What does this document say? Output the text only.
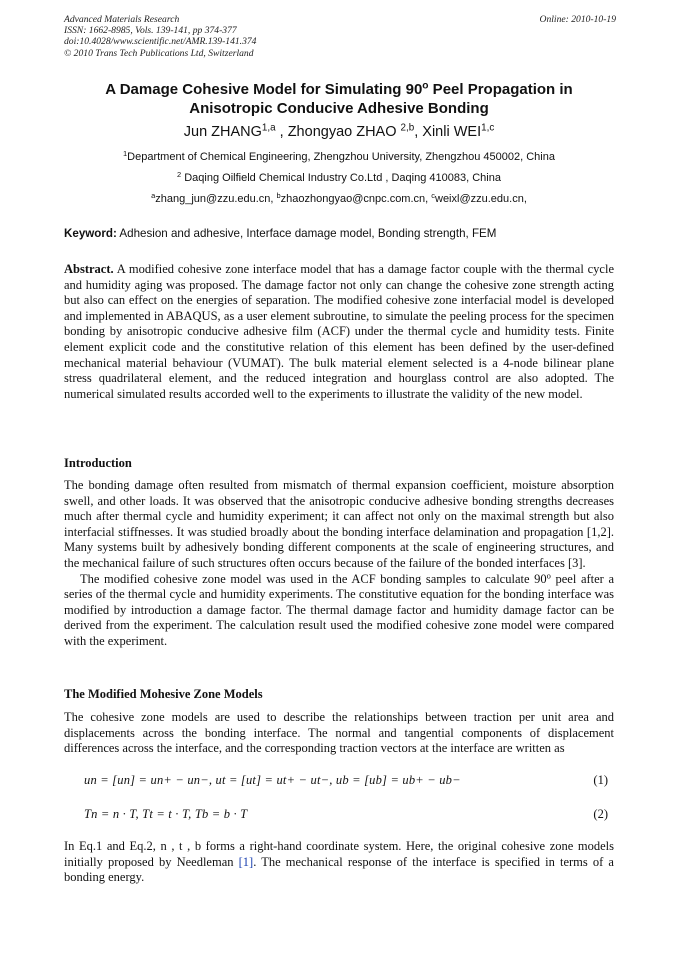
Advanced Materials Research
ISSN: 1662-8985, Vols. 139-141, pp 374-377
doi:10.4028/www.scientific.net/AMR.139-141.374
© 2010 Trans Tech Publications Ltd, Switzerland
Online: 2010-10-19
A Damage Cohesive Model for Simulating 90$^o$ Peel Propagation in
Anisotropic Conducive Adhesive Bonding
Jun ZHANG$^{1,a}$ , Zhongyao ZHAO $^{2,b}$, Xinli WEI$^{1,c}$
$^1$Department of Chemical Engineering, Zhengzhou University, Zhengzhou 450002, China
$^2$ Daqing Oilfield Chemical Industry Co.Ltd , Daqing 410083, China
$^a$zhang_jun@zzu.edu.cn, $^b$zhaozhongyao@cnpc.com.cn, $^c$weixl@zzu.edu.cn,
Keyword: Adhesion and adhesive, Interface damage model, Bonding strength, FEM
Abstract. A modified cohesive zone interface model that has a damage factor couple with the thermal cycle and humidity aging was proposed. The damage factor not only can change the cohesive zone strength acting but also can effect on the energies of separation. The modified cohesive zone interfacial model is developed and implemented in ABAQUS, as a user element subroutine, to simulate the peeling process for the specimen bonding by anisotropic conducive adhesive film (ACF) under the thermal cycle and humidity tests. Finite element explicit code and the constitutive relation of this element has been defined by the user-defined mechanical material behaviour (VUMAT). The bulk material element selected is a 4-node bilinear plane stress quadrilateral element, and the reduced integration and hourglass control are also adopted. The numerical simulated results accorded well to the experiments to illustrate the validity of the new model.
Introduction
The bonding damage often resulted from mismatch of thermal expansion coefficient, moisture absorption swell, and other loads. It was observed that the anisotropic conducive adhesive bonding strengths decreases much after thermal cycle and humidity experiment; it can affect not only on the maximal strength but also interfacial stiffnesses. It was studied broadly about the bonding interface delamination and propagation [1,2]. Many systems built by adhesively bonding different components at the scale of engineering structures, and the mechanical failure of such structures often occurs because of the failure of the bonded interfaces [3].
The modified cohesive zone model was used in the ACF bonding samples to calculate 90$^o$ peel after a series of the thermal cycle and humidity experiments. The constitutive equation for the bonding interface was modified by introduction a damage factor. The thermal damage factor and humidity damage factor can be derived from the experiment. The calculation result used the modified cohesive zone model were compared with the experiment.
The Modified Mohesive Zone Models
The cohesive zone models are used to describe the relationships between traction per unit area and displacements across the bonding interface. The normal and tangential components of displacement differences across the interface, and the corresponding traction vectors at the interface are written as
un = [un] = un+ − un−, ut = [ut] = ut+ − ut−, ub = [ub] = ub+ − ub−	(1)
Tn = n · T, Tt = t · T, Tb = b · T	(2)
In Eq.1 and Eq.2, n , t , b forms a right-hand coordinate system. Here, the original cohesive zone models initially proposed by Needleman [1]. The mechanical response of the interface is specified in terms of a bonding energy.
